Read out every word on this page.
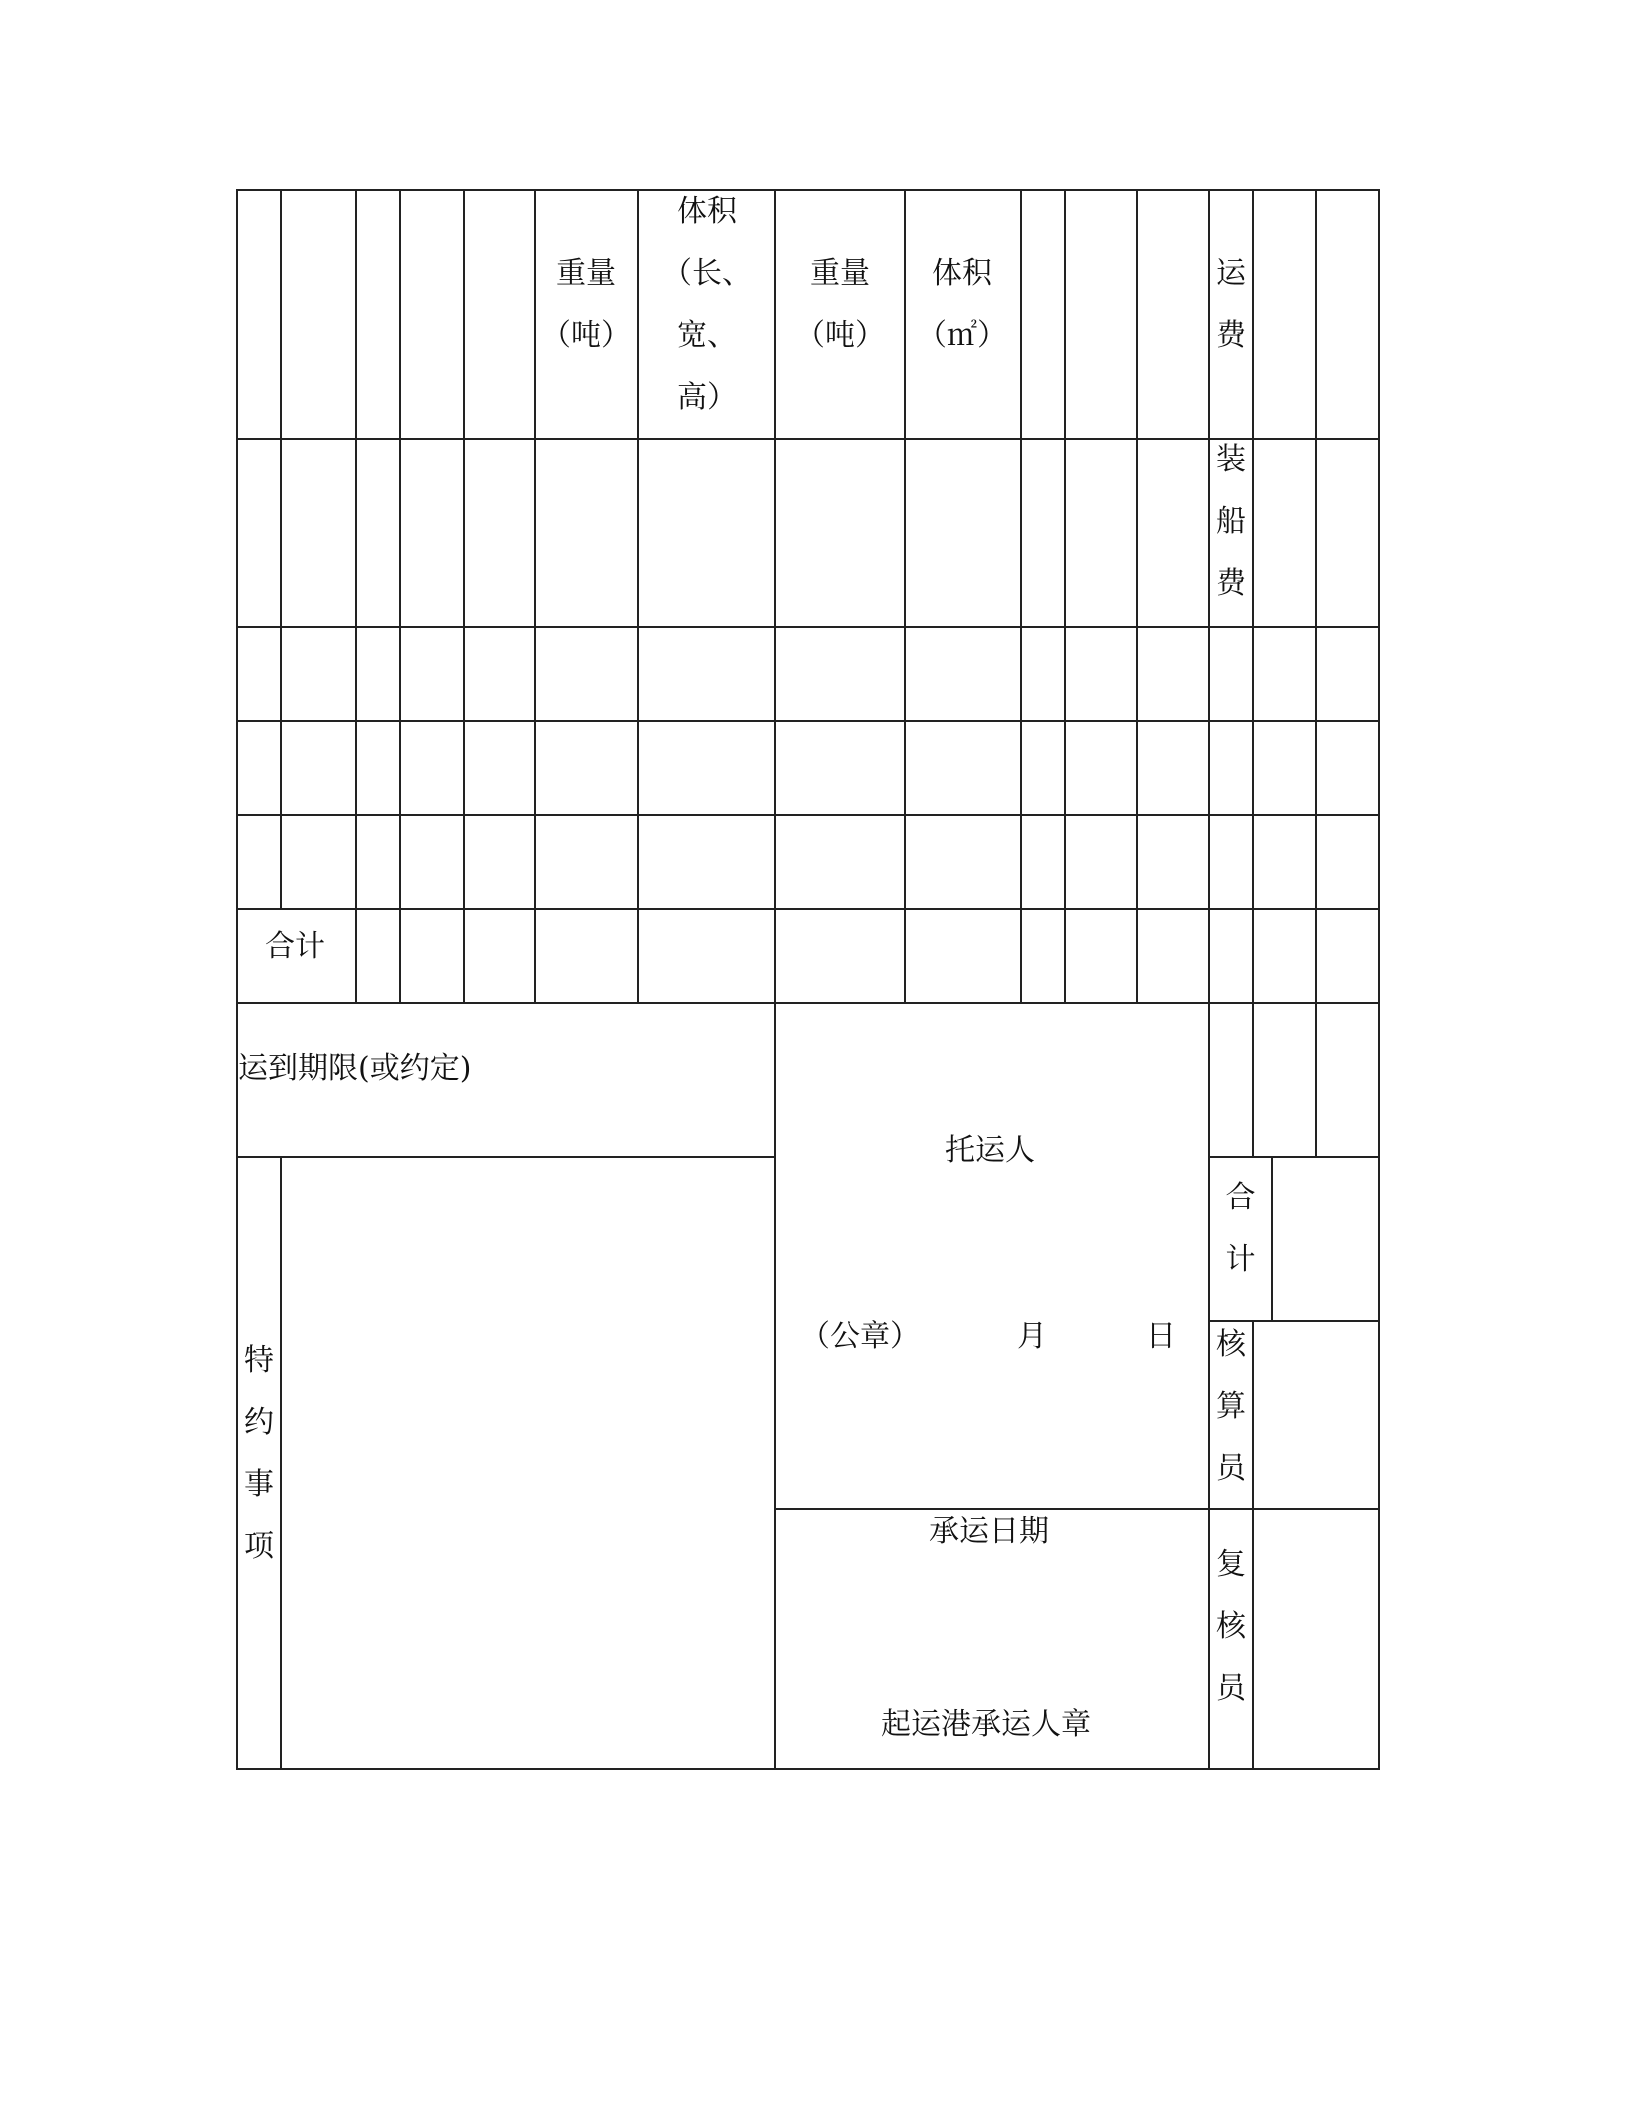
重量
（吨）
体积
（长、
宽、
高）
重量
（吨）
体积
（㎡）
运
费
装
船
费
合计
运到期限(或约定)
托运人
（公章）	月	日
承运日期
起运港承运人章
特
约
事
项
合
计
核
算
员
复
核
员
